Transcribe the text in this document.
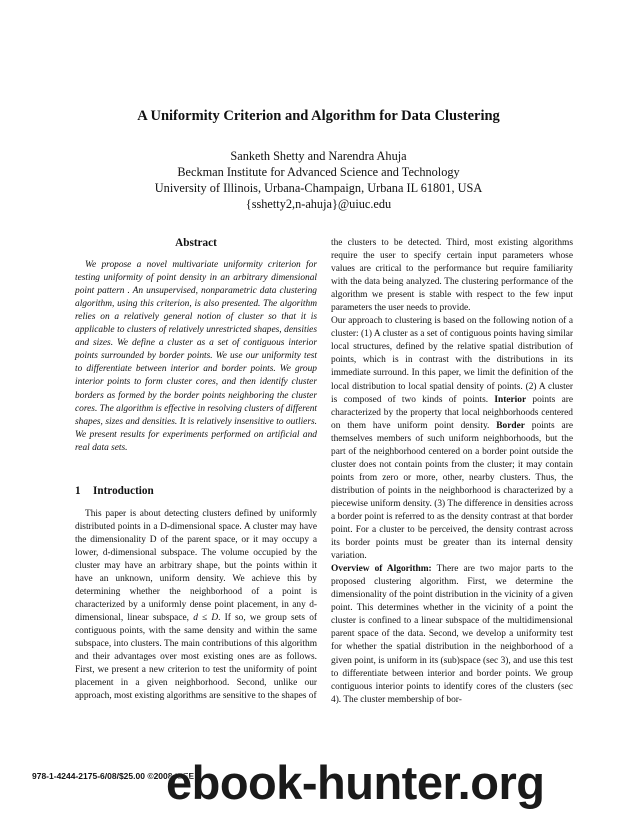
A Uniformity Criterion and Algorithm for Data Clustering
Sanketh Shetty and Narendra Ahuja
Beckman Institute for Advanced Science and Technology
University of Illinois, Urbana-Champaign, Urbana IL 61801, USA
{sshetty2,n-ahuja}@uiuc.edu

Abstract

We propose a novel multivariate uniformity criterion for testing uniformity of point density in an arbitrary dimensional point pattern . An unsupervised, nonparametric data clustering algorithm, using this criterion, is also presented. The algorithm relies on a relatively general notion of cluster so that it is applicable to clusters of relatively unrestricted shapes, densities and sizes. We define a cluster as a set of contiguous interior points surrounded by border points. We use our uniformity test to differentiate between interior and border points. We group interior points to form cluster cores, and then identify cluster borders as formed by the border points neighboring the cluster cores. The algorithm is effective in resolving clusters of different shapes, sizes and densities. It is relatively insensitive to outliers. We present results for experiments performed on artificial and real data sets.

1 Introduction

This paper is about detecting clusters defined by uniformly distributed points in a D-dimensional space. A cluster may have the dimensionality D of the parent space, or it may occupy a lower, d-dimensional subspace. The volume occupied by the cluster may have an arbitrary shape, but the points within it have an unknown, uniform density. We achieve this by determining whether the neighborhood of a point is characterized by a uniformly dense point placement, in any d-dimensional, linear subspace, d ≤ D. If so, we group sets of contiguous points, with the same density and within the same subspace, into clusters. The main contributions of this algorithm and their advantages over most existing ones are as follows. First, we present a new criterion to test the uniformity of point placement in a given neighborhood. Second, unlike our approach, most existing algorithms are sensitive to the shapes of

the clusters to be detected. Third, most existing algorithms require the user to specify certain input parameters whose values are critical to the performance but require familiarity with the data being analyzed. The clustering performance of the algorithm we present is stable with respect to the few input parameters the user needs to provide.

Our approach to clustering is based on the following notion of a cluster: (1) A cluster as a set of contiguous points having similar local structures, defined by the relative spatial distribution of points, which is in contrast with the distributions in its immediate surround. In this paper, we limit the definition of the local distribution to local spatial density of points. (2) A cluster is composed of two kinds of points. Interior points are characterized by the property that local neighborhoods centered on them have uniform point density. Border points are themselves members of such uniform neighborhoods, but the part of the neighborhood centered on a border point outside the cluster does not contain points from the cluster; it may contain points from zero or more, other, nearby clusters. Thus, the distribution of points in the neighborhood is characterized by a piecewise uniform density. (3) The difference in densities across a border point is referred to as the density contrast at that border point. For a cluster to be perceived, the density contrast across its border points must be greater than its internal density variation.

Overview of Algorithm: There are two major parts to the proposed clustering algorithm. First, we determine the dimensionality of the point distribution in the vicinity of a given point. This determines whether in the vicinity of a point the cluster is confined to a linear subspace of the multidimensional parent space of the data. Second, we develop a uniformity test for whether the spatial distribution in the neighborhood of a given point, is uniform in its (sub)space (sec 3), and use this test to differentiate between interior and border points. We group contiguous interior points to identify cores of the clusters (sec 4). The cluster membership of bor-

978-1-4244-2175-6/08/$25.00 ©2008 IEEE
ebook-hunter.org
